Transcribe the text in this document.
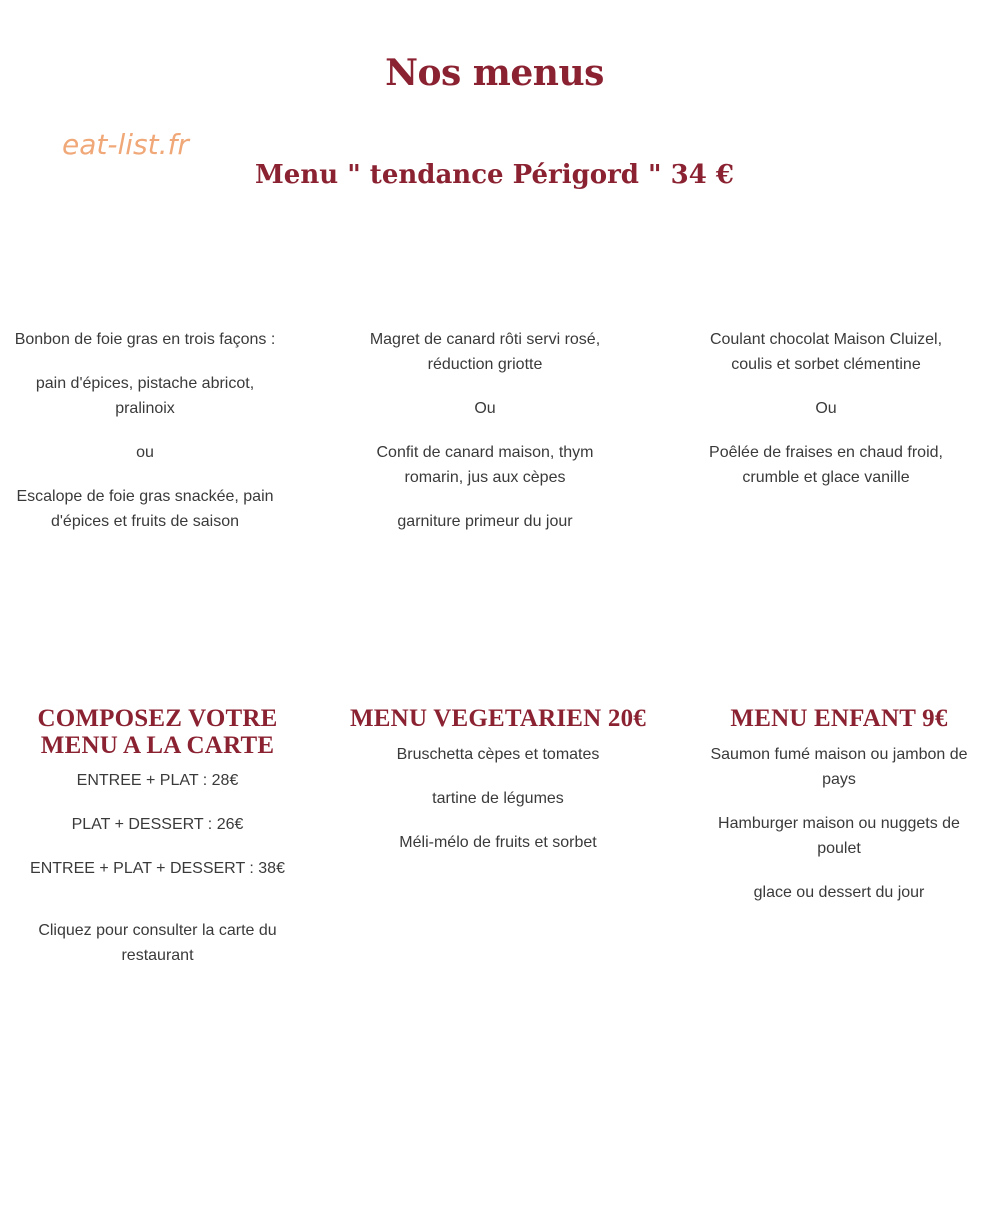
Nos menus
eat-list.fr
Menu " tendance Périgord " 34 €

Bonbon de foie gras en trois façons :

pain d'épices, pistache abricot, pralinoix

ou

Escalope de foie gras snackée, pain d'épices et fruits de saison

Magret de canard rôti servi rosé, réduction griotte

Ou

Confit de canard maison, thym romarin, jus aux cèpes

garniture primeur du jour

Coulant chocolat Maison Cluizel, coulis et sorbet clémentine

Ou

Poêlée de fraises en chaud froid, crumble et glace vanille

COMPOSEZ VOTRE MENU A LA CARTE
MENU VEGETARIEN 20€	MENU ENFANT 9€

ENTREE + PLAT : 28€

PLAT + DESSERT : 26€

ENTREE + PLAT + DESSERT : 38€

Cliquez pour consulter la carte du restaurant

Bruschetta cèpes et tomates

tartine de légumes

Méli-mélo de fruits et sorbet

Saumon fumé maison ou jambon de pays

Hamburger maison ou nuggets de poulet

glace ou dessert du jour
